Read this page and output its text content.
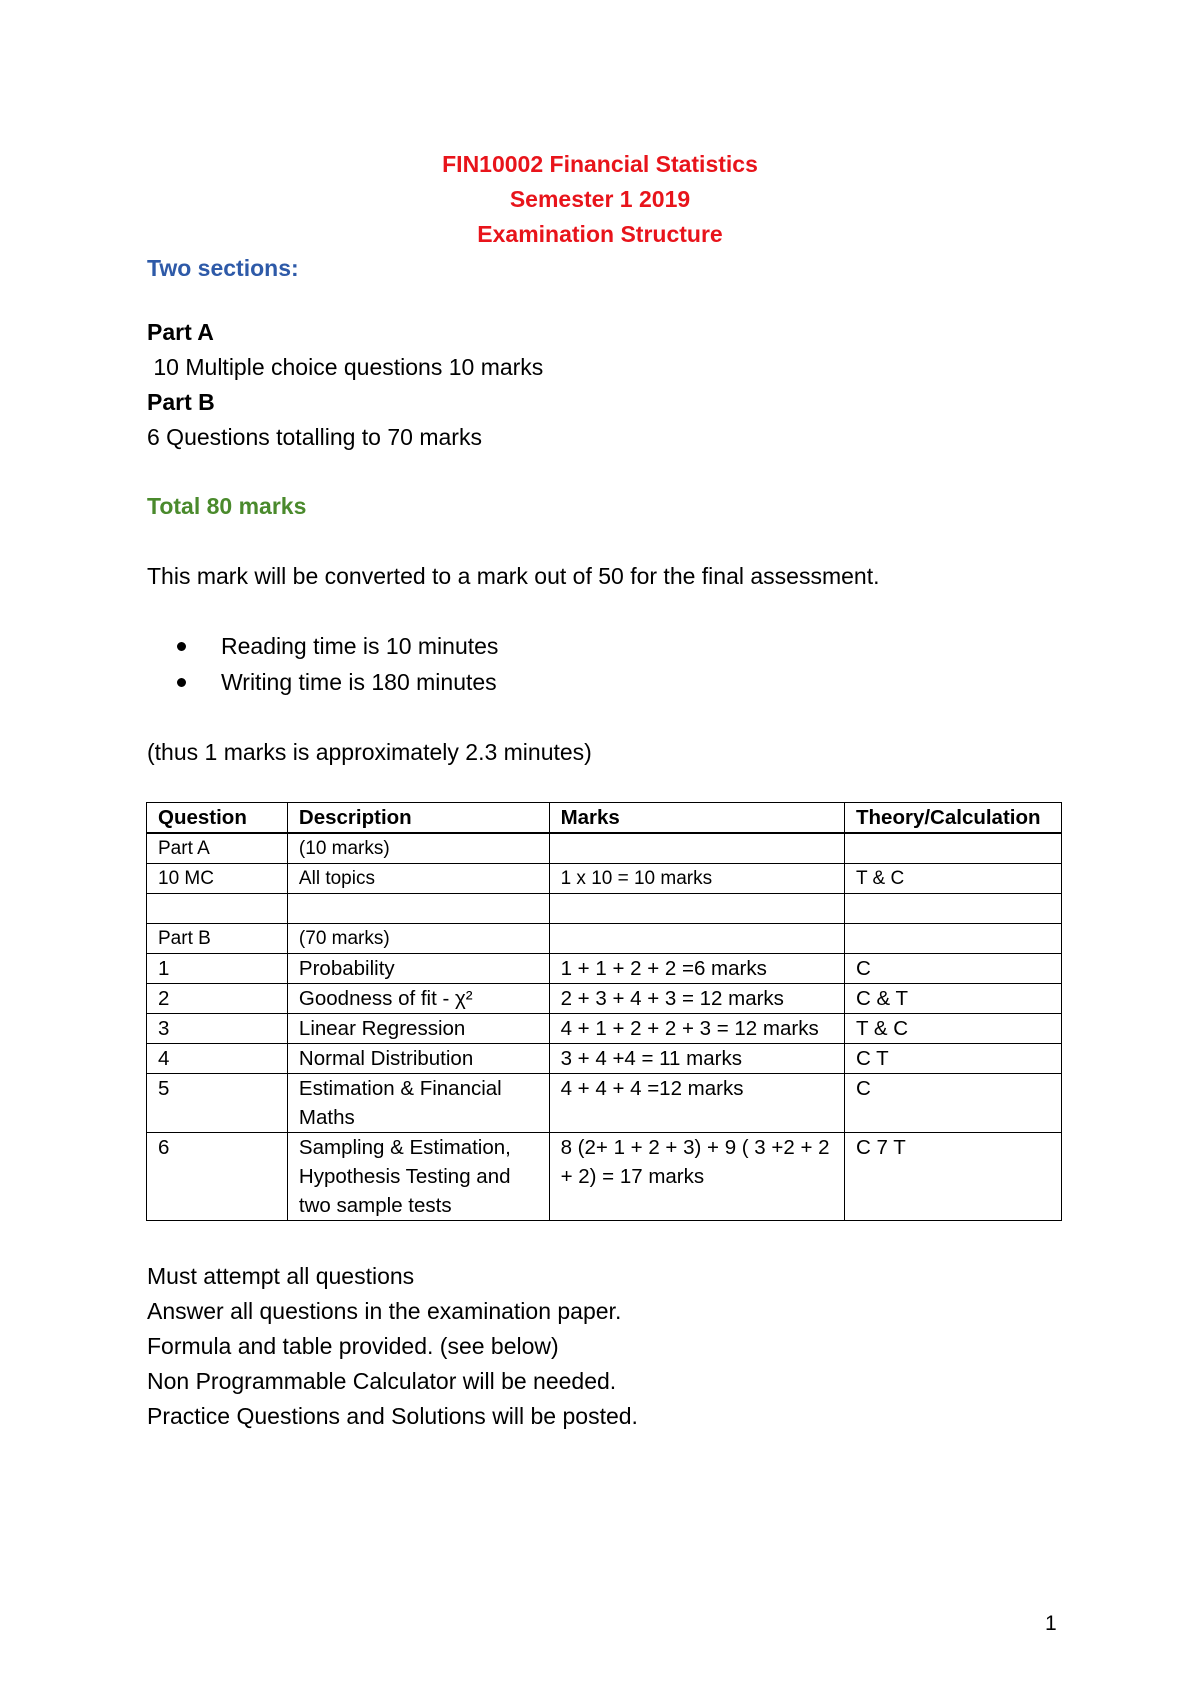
FIN10002 Financial Statistics
Semester 1 2019
Examination Structure
Two sections:
Part A
10 Multiple choice questions 10 marks
Part B
6 Questions totalling to 70 marks
Total 80 marks
This mark will be converted to a mark out of 50 for the final assessment.
Reading time is 10 minutes
Writing time is 180 minutes
(thus 1 marks is approximately 2.3 minutes)
Question	Description	Marks	Theory/Calculation
Part A	(10 marks)		
10 MC	All topics	1 x 10 = 10 marks	T & C

Part B	(70 marks)		
1	Probability	1 + 1 + 2 + 2 =6 marks	C
2	Goodness of fit - χ²	2 + 3 + 4 + 3 = 12 marks	C & T
3	Linear Regression	4 + 1 + 2 + 2 + 3 = 12 marks	T & C
4	Normal Distribution	3 + 4 +4 = 11 marks	C T
5	Estimation & Financial Maths	4 + 4 + 4 =12 marks	C
6	Sampling & Estimation, Hypothesis Testing and two sample tests	8 (2+ 1 + 2 + 3) + 9 ( 3 +2 + 2 + 2) = 17 marks	C 7 T
Must attempt all questions
Answer all questions in the examination paper.
Formula and table provided. (see below)
Non Programmable Calculator will be needed.
Practice Questions and Solutions will be posted.
1
